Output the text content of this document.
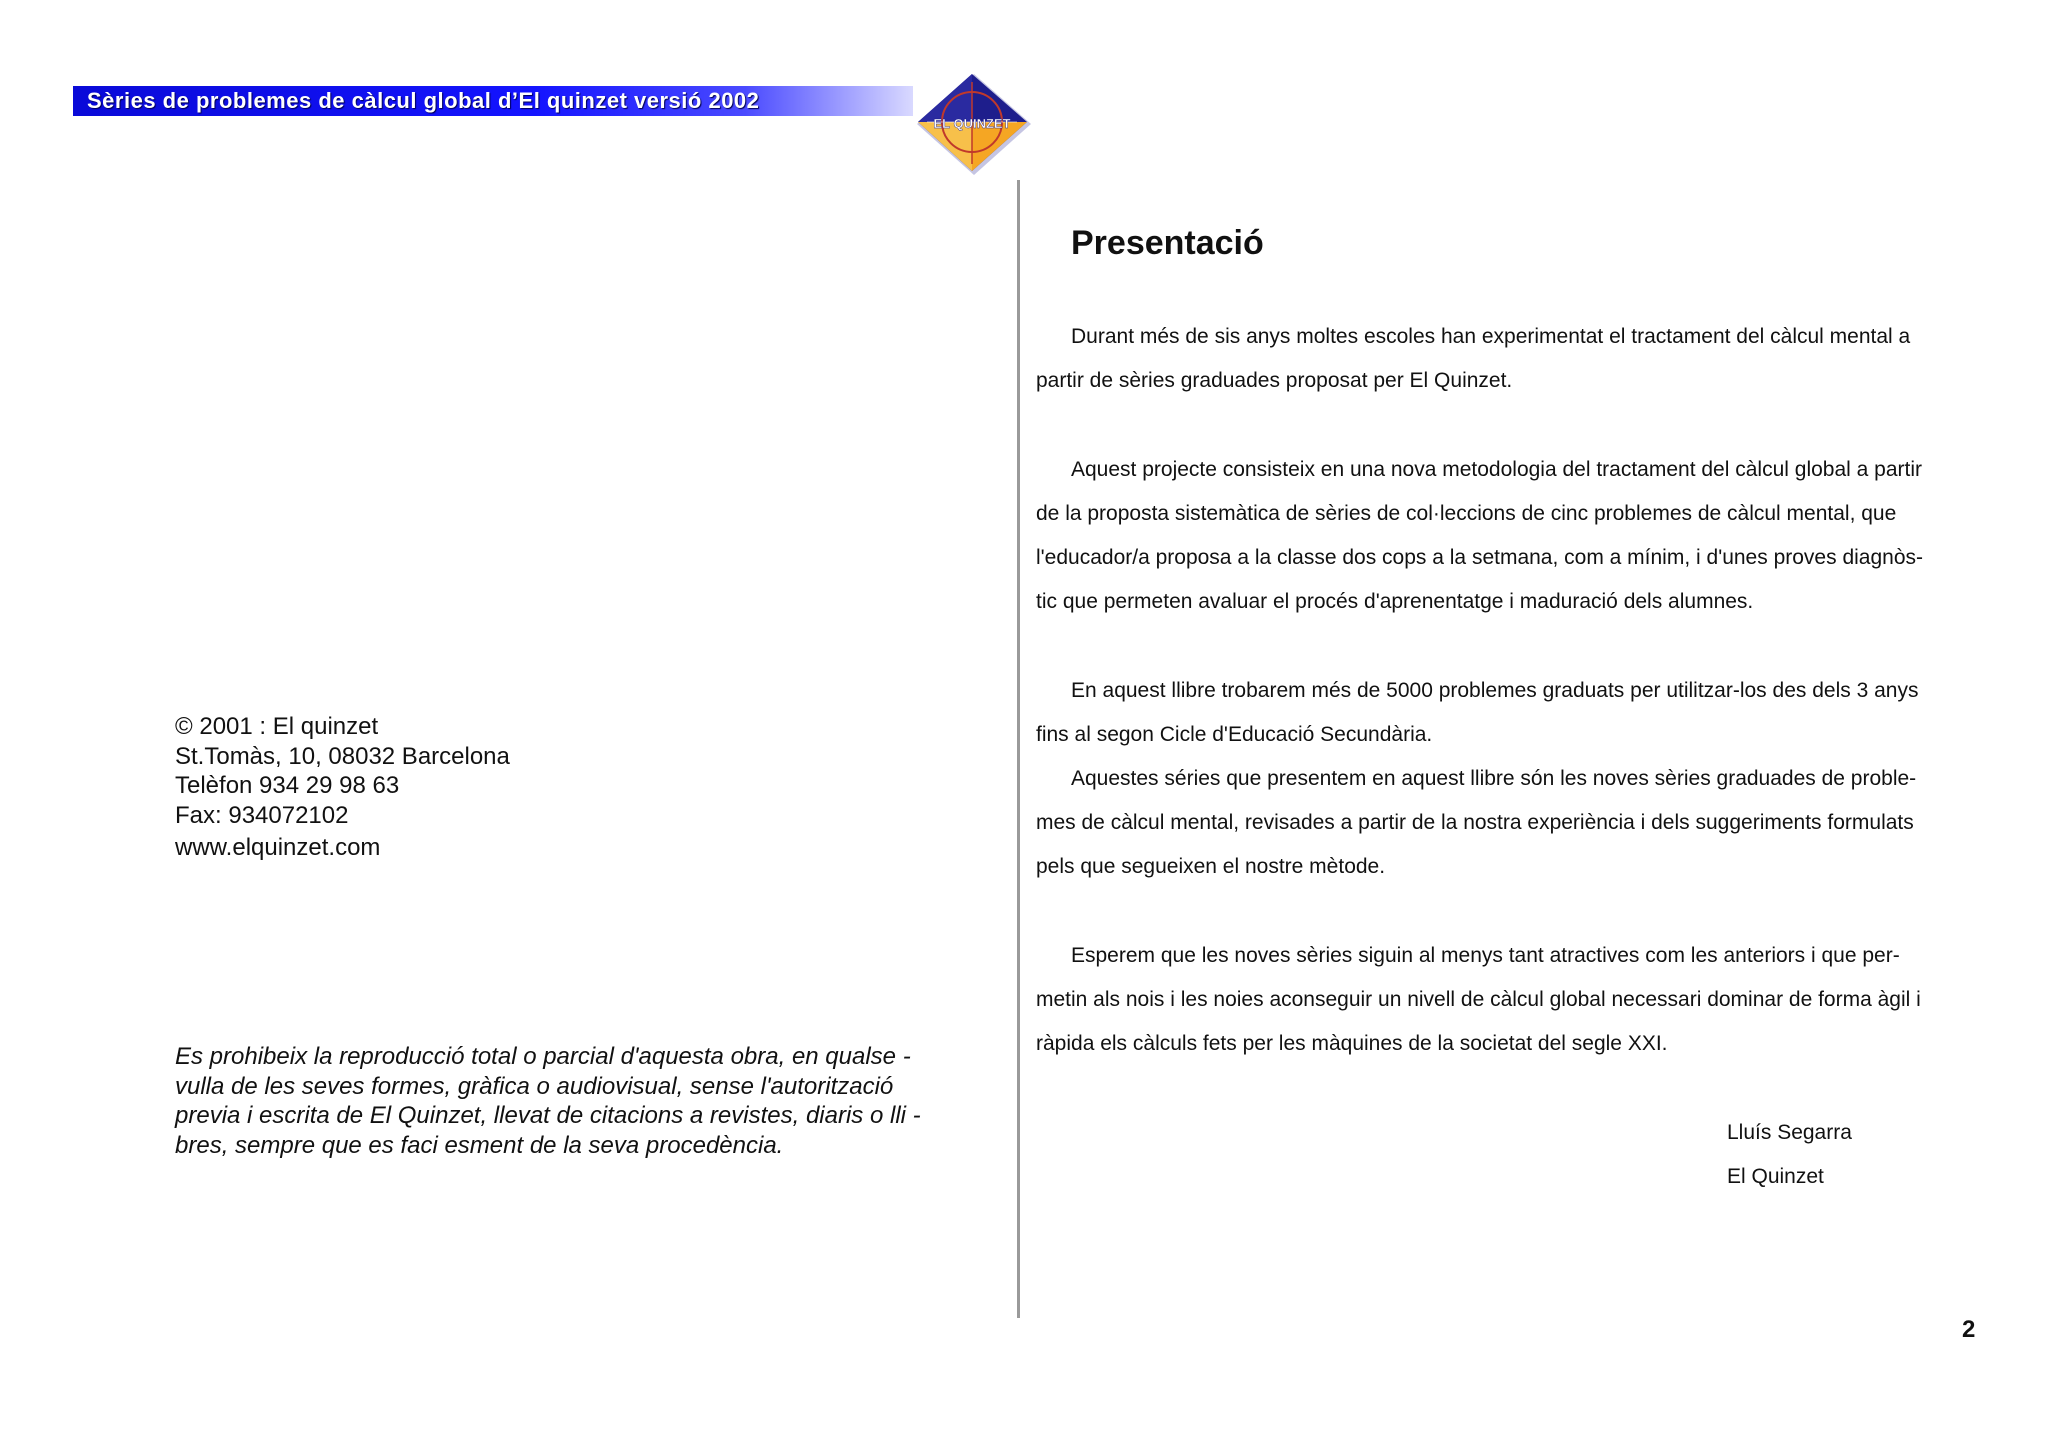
Sèries de problemes de càlcul global d’El quinzet versió 2002
EL QUINZET
© 2001 : El quinzet
St.Tomàs, 10, 08032 Barcelona
Telèfon 934 29 98 63
Fax: 934072102
www.elquinzet.com
Es prohibeix la reproducció total o parcial d'aquesta obra, en qualse -
vulla de les seves formes, gràfica o audiovisual, sense l'autorització
previa i escrita de El Quinzet, llevat de citacions a revistes, diaris o lli -
bres, sempre que es faci esment de la seva procedència.
Presentació
Durant més de sis anys moltes escoles han experimentat el tractament del càlcul mental a
partir de sèries graduades proposat per El Quinzet.
Aquest projecte consisteix en una nova metodologia del tractament del càlcul global a partir
de la proposta sistemàtica de sèries de col·leccions de cinc problemes de càlcul mental, que
l'educador/a proposa a la classe dos cops a la setmana, com a mínim, i d'unes proves diagnòs-
tic que permeten avaluar el procés d'aprenentatge i maduració dels alumnes.
En aquest llibre trobarem més de 5000 problemes graduats per utilitzar-los des dels 3 anys
fins al segon Cicle d'Educació Secundària.
Aquestes séries que presentem en aquest llibre són les noves sèries graduades de proble-
mes de càlcul mental, revisades a partir de la nostra experiència i dels suggeriments formulats
pels que segueixen el nostre mètode.
Esperem que les noves sèries siguin al menys tant atractives com les anteriors i que per-
metin als nois i les noies aconseguir un nivell de càlcul global necessari dominar de forma àgil i
ràpida els càlculs fets per les màquines de la societat del segle XXI.
Lluís Segarra
El Quinzet
2
